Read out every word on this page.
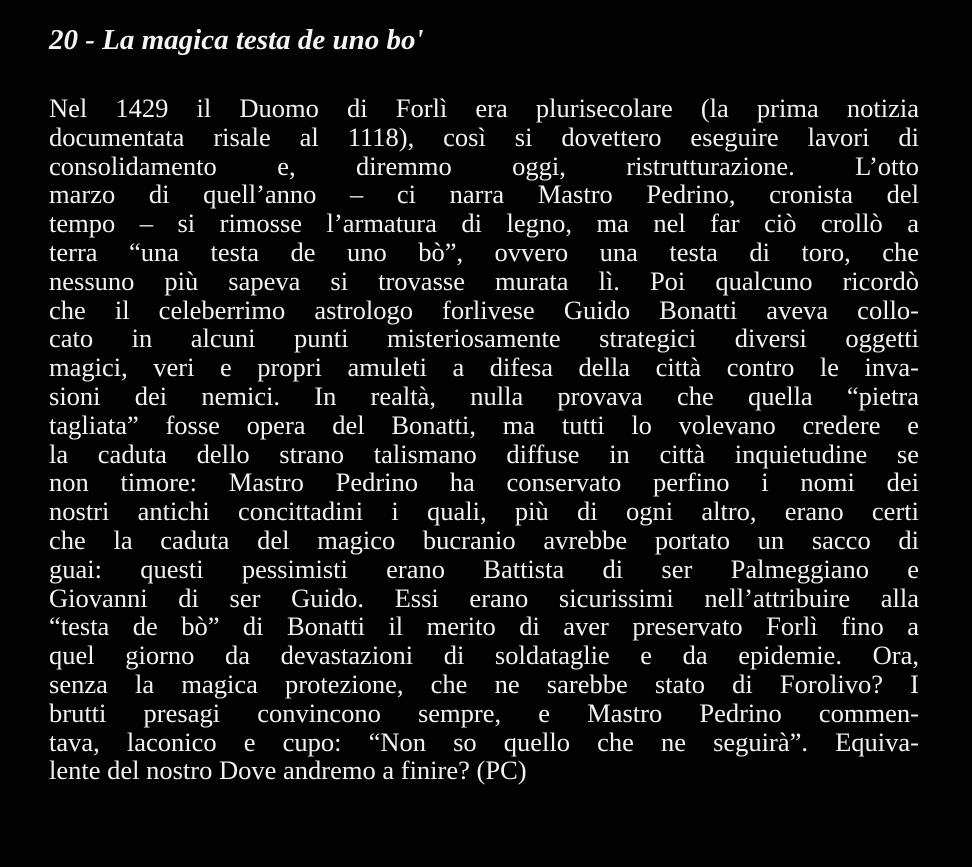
20 - La magica testa de uno bo'
Nel 1429 il Duomo di Forlì era plurisecolare (la prima notizia
documentata risale al 1118), così si dovettero eseguire lavori di
consolidamento e, diremmo oggi, ristrutturazione. L’otto
marzo di quell’anno – ci narra Mastro Pedrino, cronista del
tempo – si rimosse l’armatura di legno, ma nel far ciò crollò a
terra “una testa de uno bò”, ovvero una testa di toro, che
nessuno più sapeva si trovasse murata lì. Poi qualcuno ricordò
che il celeberrimo astrologo forlivese Guido Bonatti aveva collo-
cato in alcuni punti misteriosamente strategici diversi oggetti
magici, veri e propri amuleti a difesa della città contro le inva-
sioni dei nemici. In realtà, nulla provava che quella “pietra
tagliata” fosse opera del Bonatti, ma tutti lo volevano credere e
la caduta dello strano talismano diffuse in città inquietudine se
non timore: Mastro Pedrino ha conservato perfino i nomi dei
nostri antichi concittadini i quali, più di ogni altro, erano certi
che la caduta del magico bucranio avrebbe portato un sacco di
guai: questi pessimisti erano Battista di ser Palmeggiano e
Giovanni di ser Guido. Essi erano sicurissimi nell’attribuire alla
“testa de bò” di Bonatti il merito di aver preservato Forlì fino a
quel giorno da devastazioni di soldataglie e da epidemie. Ora,
senza la magica protezione, che ne sarebbe stato di Forolivo? I
brutti presagi convincono sempre, e Mastro Pedrino commen-
tava, laconico e cupo: “Non so quello che ne seguirà”. Equiva-
lente del nostro Dove andremo a finire? (PC)
